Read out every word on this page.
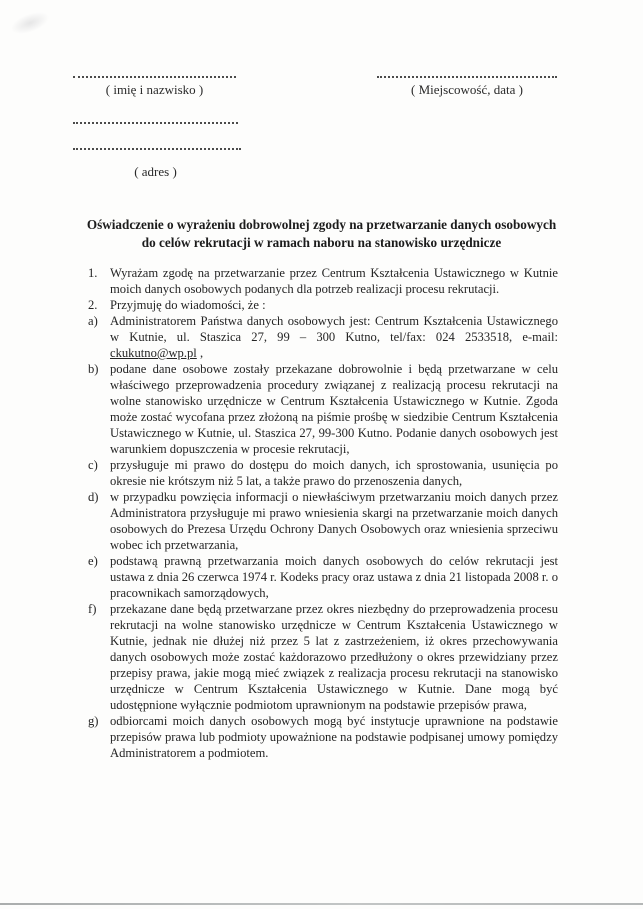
( imię i nazwisko )	( Miejscowość, data )
( adres )
Oświadczenie o wyrażeniu dobrowolnej zgody na przetwarzanie danych osobowych
do celów rekrutacji w ramach naboru na stanowisko urzędnicze
1. Wyrażam zgodę na przetwarzanie przez Centrum Kształcenia Ustawicznego w Kutnie moich danych osobowych podanych dla potrzeb realizacji procesu rekrutacji.
2. Przyjmuję do wiadomości, że :
a) Administratorem Państwa danych osobowych jest: Centrum Kształcenia Ustawicznego w Kutnie, ul. Staszica 27, 99 – 300 Kutno, tel/fax: 024 2533518, e-mail: ckukutno@wp.pl ,
b) podane dane osobowe zostały przekazane dobrowolnie i będą przetwarzane w celu właściwego przeprowadzenia procedury związanej z realizacją procesu rekrutacji na wolne stanowisko urzędnicze w Centrum Kształcenia Ustawicznego w Kutnie. Zgoda może zostać wycofana przez złożoną na piśmie prośbę w siedzibie Centrum Kształcenia Ustawicznego w Kutnie, ul. Staszica 27, 99-300 Kutno. Podanie danych osobowych jest warunkiem dopuszczenia w procesie rekrutacji,
c) przysługuje mi prawo do dostępu do moich danych, ich sprostowania, usunięcia po okresie nie krótszym niż 5 lat, a także prawo do przenoszenia danych,
d) w przypadku powzięcia informacji o niewłaściwym przetwarzaniu moich danych przez Administratora przysługuje mi prawo wniesienia skargi na przetwarzanie moich danych osobowych do Prezesa Urzędu Ochrony Danych Osobowych oraz wniesienia sprzeciwu wobec ich przetwarzania,
e) podstawą prawną przetwarzania moich danych osobowych do celów rekrutacji jest ustawa z dnia 26 czerwca 1974 r. Kodeks pracy oraz ustawa z dnia 21 listopada 2008 r. o pracownikach samorządowych,
f)	przekazane dane będą przetwarzane przez okres niezbędny do przeprowadzenia procesu rekrutacji na wolne stanowisko urzędnicze w Centrum Kształcenia Ustawicznego w Kutnie, jednak nie dłużej niż przez 5 lat z zastrzeżeniem, iż okres przechowywania danych osobowych może zostać każdorazowo przedłużony o okres przewidziany przez przepisy prawa, jakie mogą mieć związek z realizacja procesu rekrutacji na stanowisko urzędnicze w Centrum Kształcenia Ustawicznego w Kutnie. Dane mogą być udostępnione wyłącznie podmiotom uprawnionym na podstawie przepisów prawa,
g) odbiorcami moich danych osobowych mogą być instytucje uprawnione na podstawie przepisów prawa lub podmioty upoważnione na podstawie podpisanej umowy pomiędzy Administratorem a podmiotem.
